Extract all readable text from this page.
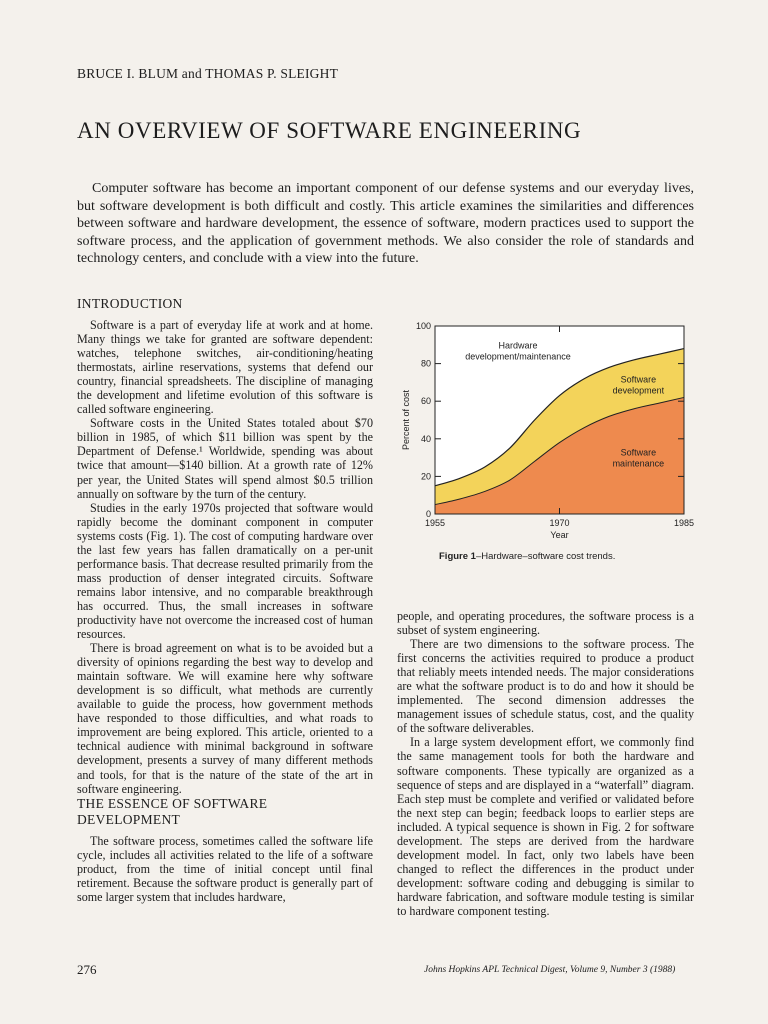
BRUCE I. BLUM and THOMAS P. SLEIGHT
AN OVERVIEW OF SOFTWARE ENGINEERING

Computer software has become an important component of our defense systems and our everyday lives, but software development is both difficult and costly. This article examines the similarities and differences between software and hardware development, the essence of software, modern practices used to support the software process, and the application of government methods. We also consider the role of standards and technology centers, and conclude with a view into the future.

INTRODUCTION

Software is a part of everyday life at work and at home. Many things we take for granted are software dependent: watches, telephone switches, air-conditioning/heating thermostats, airline reservations, systems that defend our country, financial spreadsheets. The discipline of managing the development and lifetime evolution of this software is called software engineering.

Software costs in the United States totaled about $70 billion in 1985, of which $11 billion was spent by the Department of Defense.¹ Worldwide, spending was about twice that amount—$140 billion. At a growth rate of 12% per year, the United States will spend almost $0.5 trillion annually on software by the turn of the century.

Studies in the early 1970s projected that software would rapidly become the dominant component in computer systems costs (Fig. 1). The cost of computing hardware over the last few years has fallen dramatically on a per-unit performance basis. That decrease resulted primarily from the mass production of denser integrated circuits. Software remains labor intensive, and no comparable breakthrough has occurred. Thus, the small increases in software productivity have not overcome the increased cost of human resources.

There is broad agreement on what is to be avoided but a diversity of opinions regarding the best way to develop and maintain software. We will examine here why software development is so difficult, what methods are currently available to guide the process, how government methods have responded to those difficulties, and what roads to improvement are being explored. This article, oriented to a technical audience with minimal background in software development, presents a survey of many different methods and tools, for that is the nature of the state of the art in software engineering.

THE ESSENCE OF SOFTWARE
DEVELOPMENT

The software process, sometimes called the software life cycle, includes all activities related to the life of a software product, from the time of initial concept until final retirement. Because the software product is generally part of some larger system that includes hardware,

0
20
40
60
80
100
1955	1970	1985
Year
Percent of cost
Hardware
development/maintenance
Software
development
Software
maintenance
Figure 1–Hardware–software cost trends.

people, and operating procedures, the software process is a subset of system engineering.

There are two dimensions to the software process. The first concerns the activities required to produce a product that reliably meets intended needs. The major considerations are what the software product is to do and how it should be implemented. The second dimension addresses the management issues of schedule status, cost, and the quality of the software deliverables.

In a large system development effort, we commonly find the same management tools for both the hardware and software components. These typically are organized as a sequence of steps and are displayed in a “waterfall” diagram. Each step must be complete and verified or validated before the next step can begin; feedback loops to earlier steps are included. A typical sequence is shown in Fig. 2 for software development. The steps are derived from the hardware development model. In fact, only two labels have been changed to reflect the differences in the product under development: software coding and debugging is similar to hardware fabrication, and software module testing is similar to hardware component testing.

276	Johns Hopkins APL Technical Digest, Volume 9, Number 3 (1988)
